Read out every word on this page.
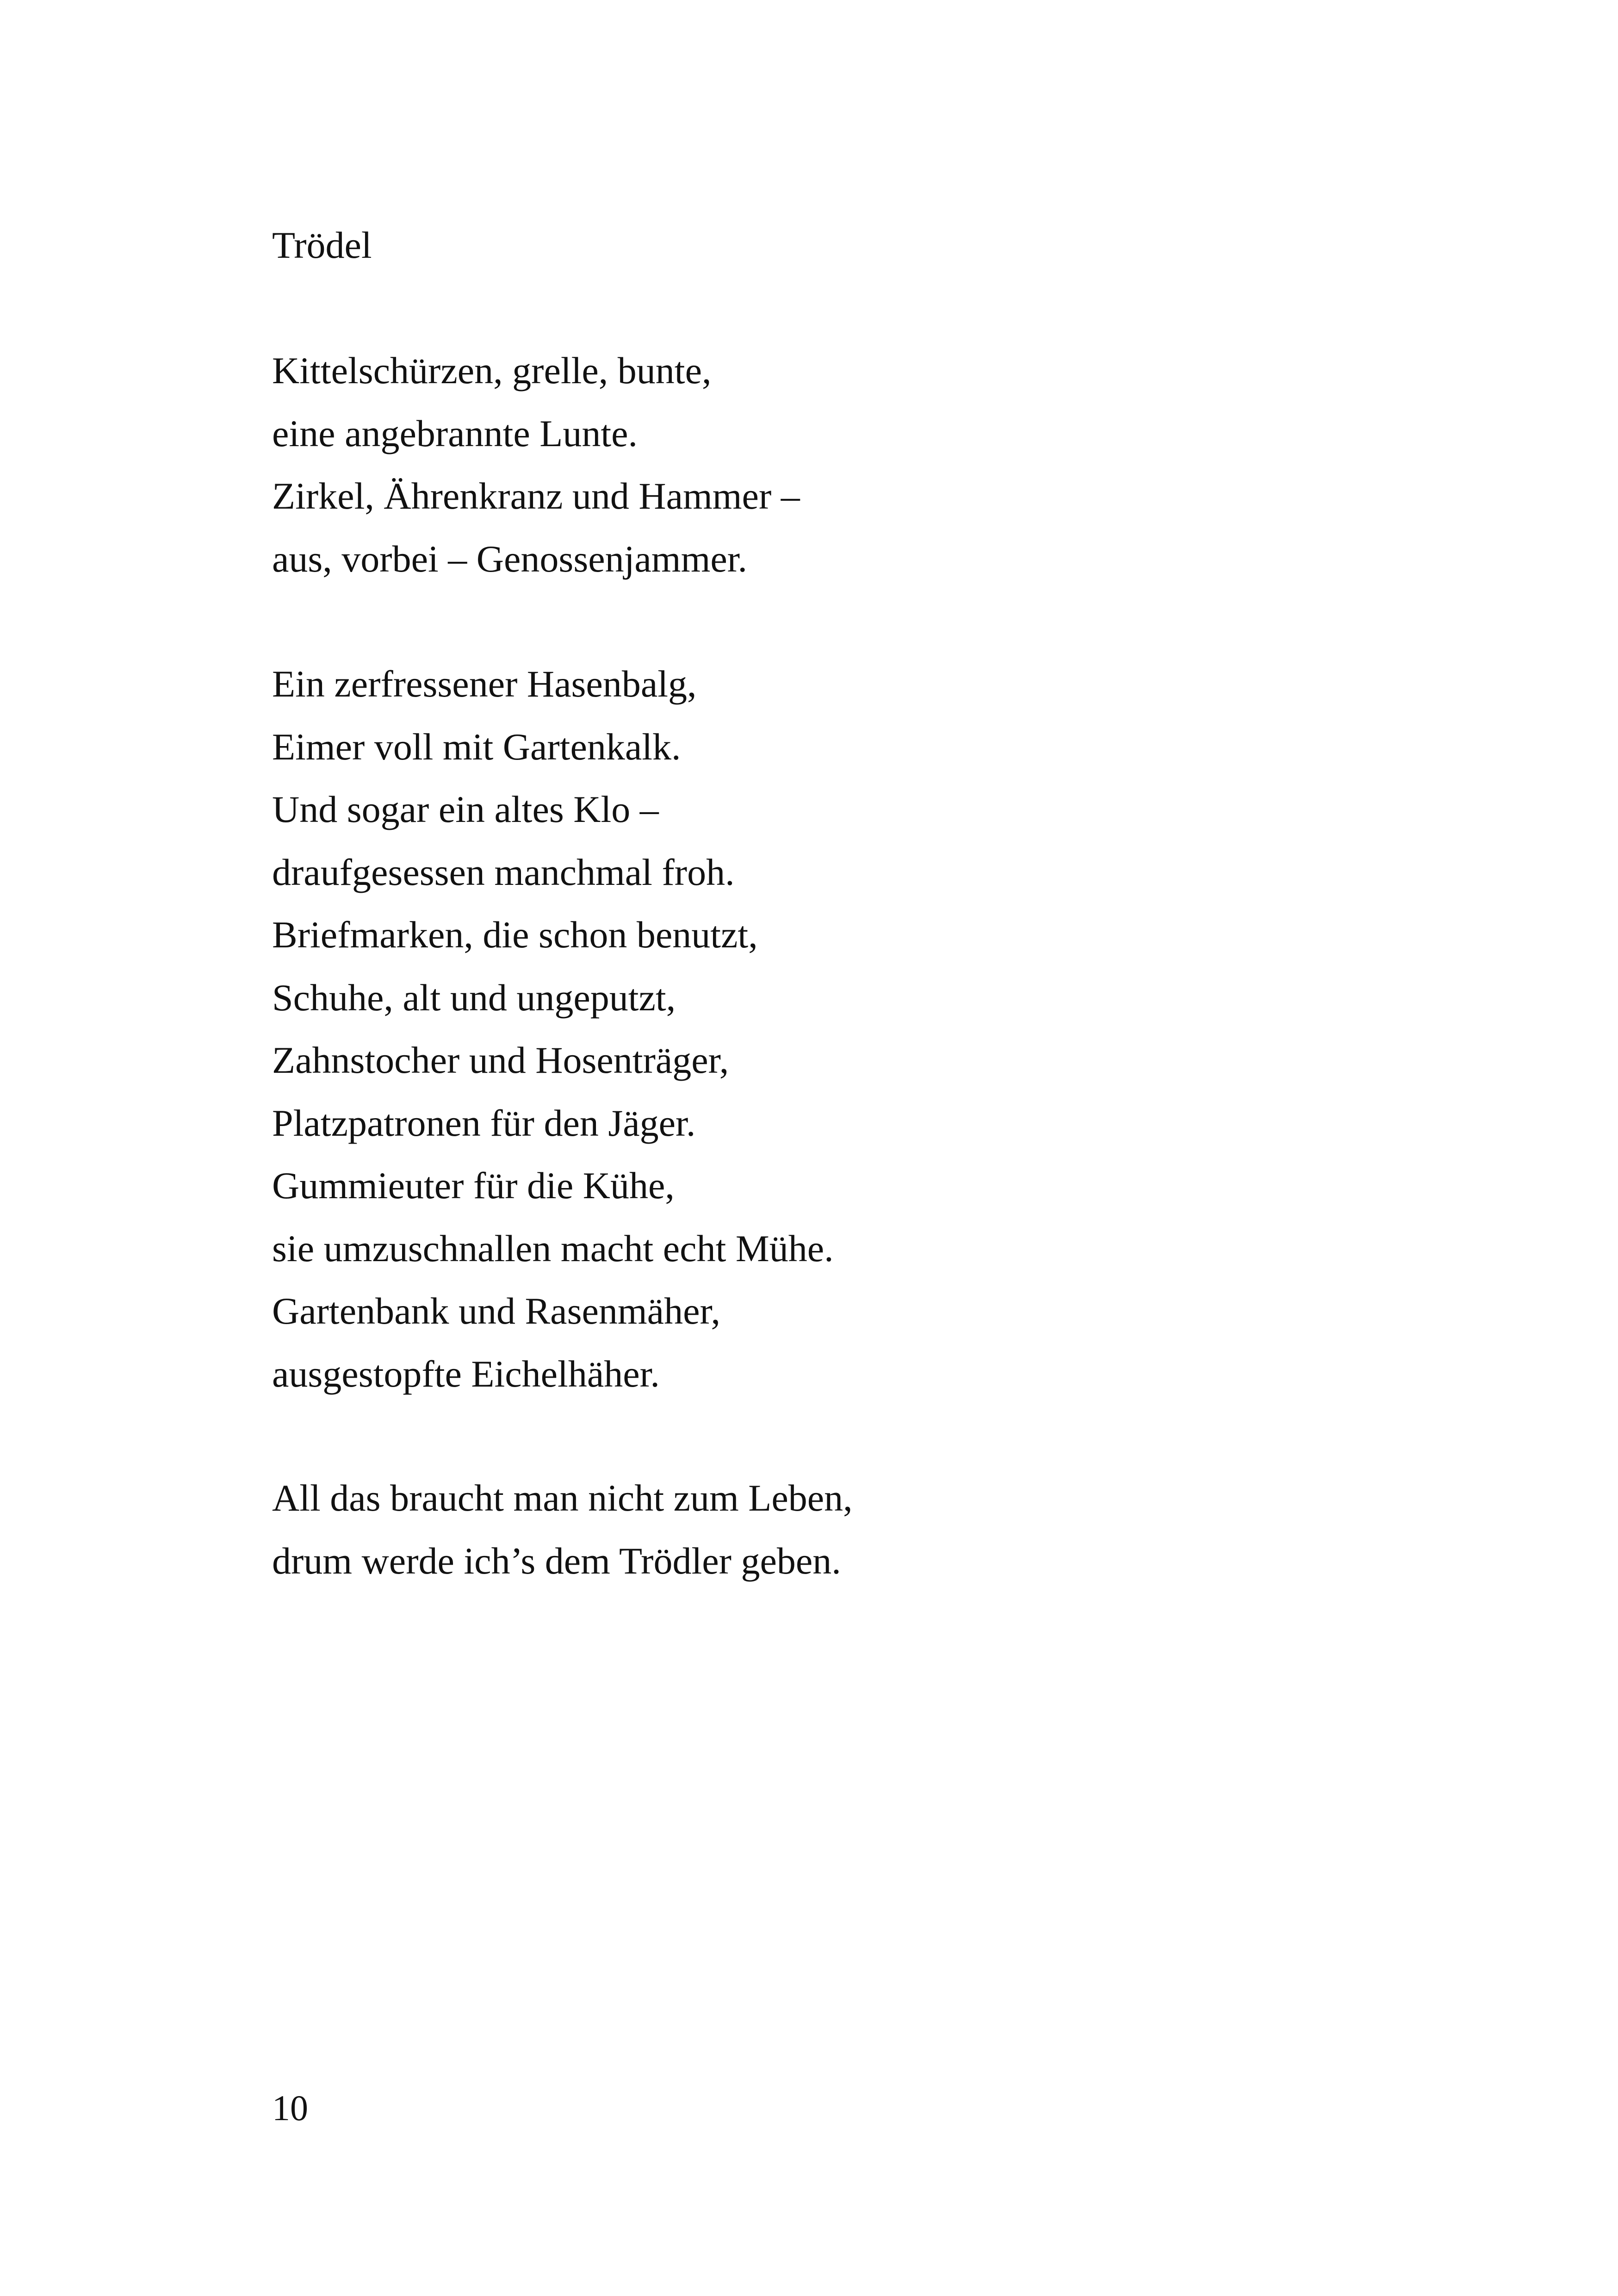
Trödel
Kittelschürzen, grelle, bunte,
eine angebrannte Lunte.
Zirkel, Ährenkranz und Hammer –
aus, vorbei – Genossenjammer.
Ein zerfressener Hasenbalg,
Eimer voll mit Gartenkalk.
Und sogar ein altes Klo –
draufgesessen manchmal froh.
Briefmarken, die schon benutzt,
Schuhe, alt und ungeputzt,
Zahnstocher und Hosenträger,
Platzpatronen für den Jäger.
Gummieuter für die Kühe,
sie umzuschnallen macht echt Mühe.
Gartenbank und Rasenmäher,
ausgestopfte Eichelhäher.
All das braucht man nicht zum Leben,
drum werde ich’s dem Trödler geben.
10
